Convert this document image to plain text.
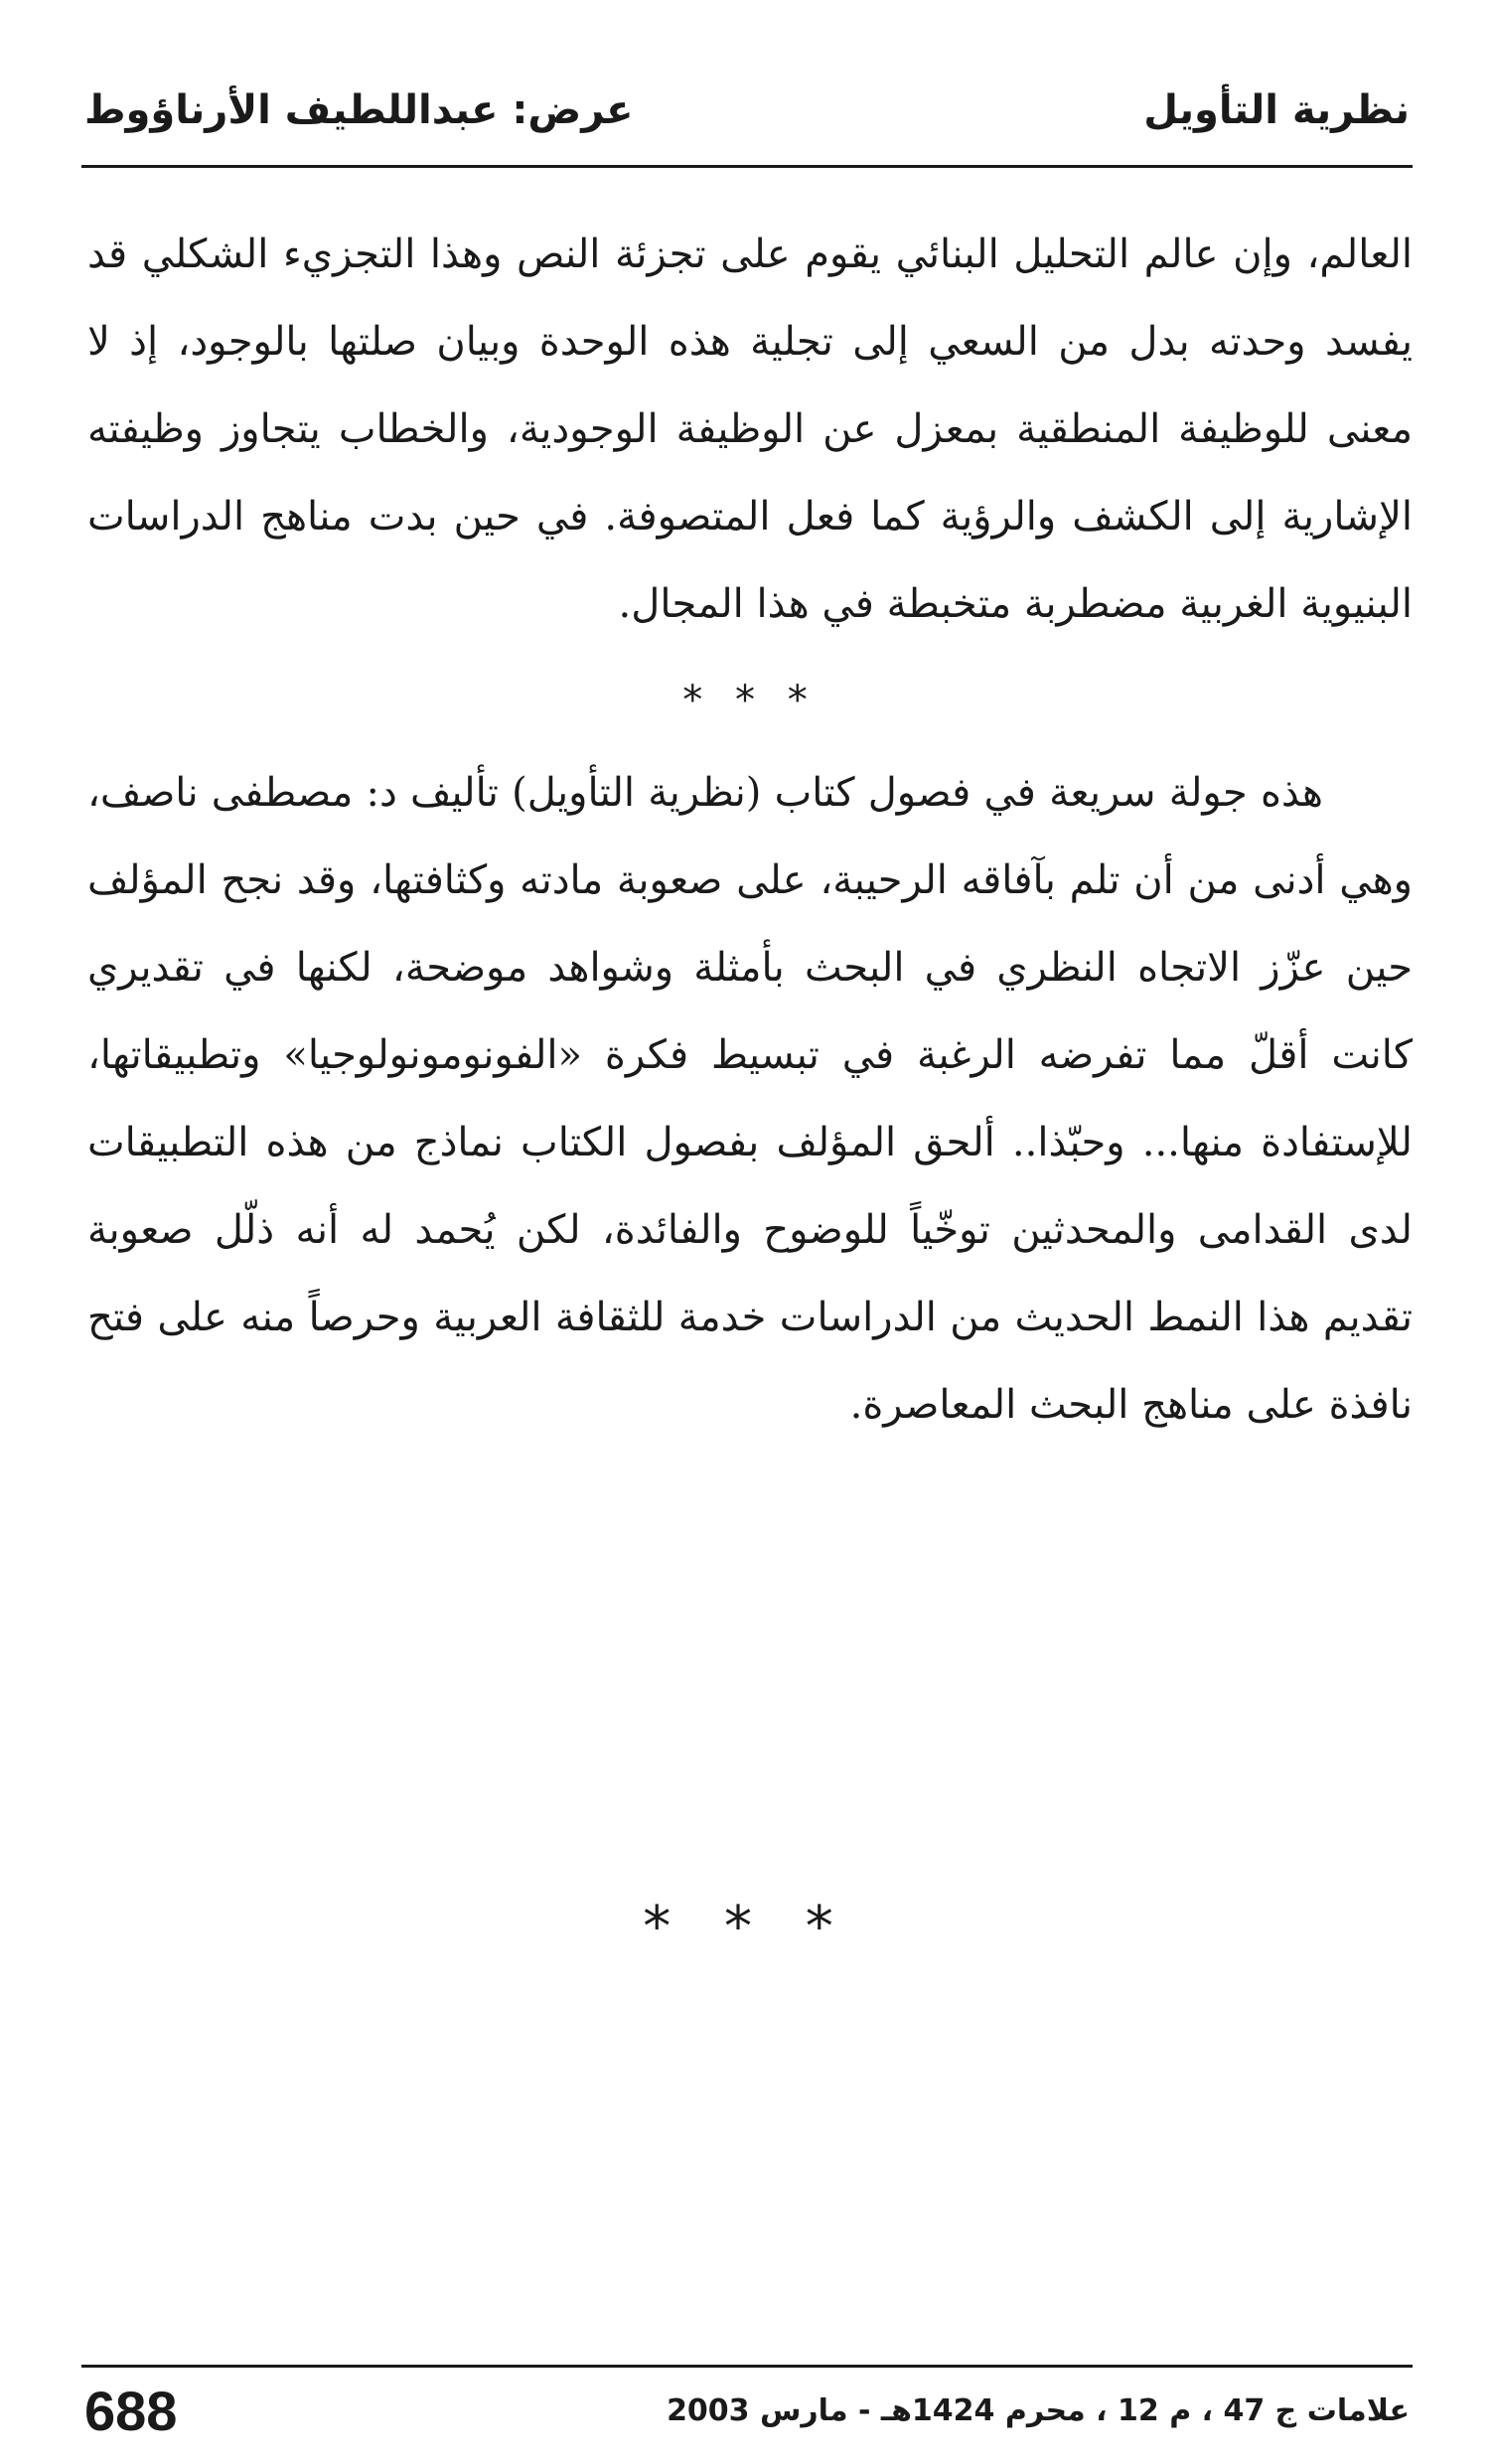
نظرية التأويل
عرض: عبداللطيف الأرناؤوط

العالم، وإن عالم التحليل البنائي يقوم على تجزئة النص وهذا التجزيء الشكلي قد يفسد وحدته بدل من السعي إلى تجلية هذه الوحدة وبيان صلتها بالوجود، إذ لا معنى للوظيفة المنطقية بمعزل عن الوظيفة الوجودية، والخطاب يتجاوز وظيفته الإشارية إلى الكشف والرؤية كما فعل المتصوفة. في حين بدت مناهج الدراسات البنيوية الغربية مضطربة متخبطة في هذا المجال.

* * *

هذه جولة سريعة في فصول كتاب (نظرية التأويل) تأليف د: مصطفى ناصف، وهي أدنى من أن تلم بآفاقه الرحيبة، على صعوبة مادته وكثافتها، وقد نجح المؤلف حين عزّز الاتجاه النظري في البحث بأمثلة وشواهد موضحة، لكنها في تقديري كانت أقلّ مما تفرضه الرغبة في تبسيط فكرة «الفونومونولوجيا» وتطبيقاتها، للإستفادة منها... وحبّذا.. ألحق المؤلف بفصول الكتاب نماذج من هذه التطبيقات لدى القدامى والمحدثين توخّياً للوضوح والفائدة، لكن يُحمد له أنه ذلّل صعوبة تقديم هذا النمط الحديث من الدراسات خدمة للثقافة العربية وحرصاً منه على فتح نافذة على مناهج البحث المعاصرة.

* * *
688	علامات ج 47 ، م 12 ، محرم 1424هـ - مارس 2003
